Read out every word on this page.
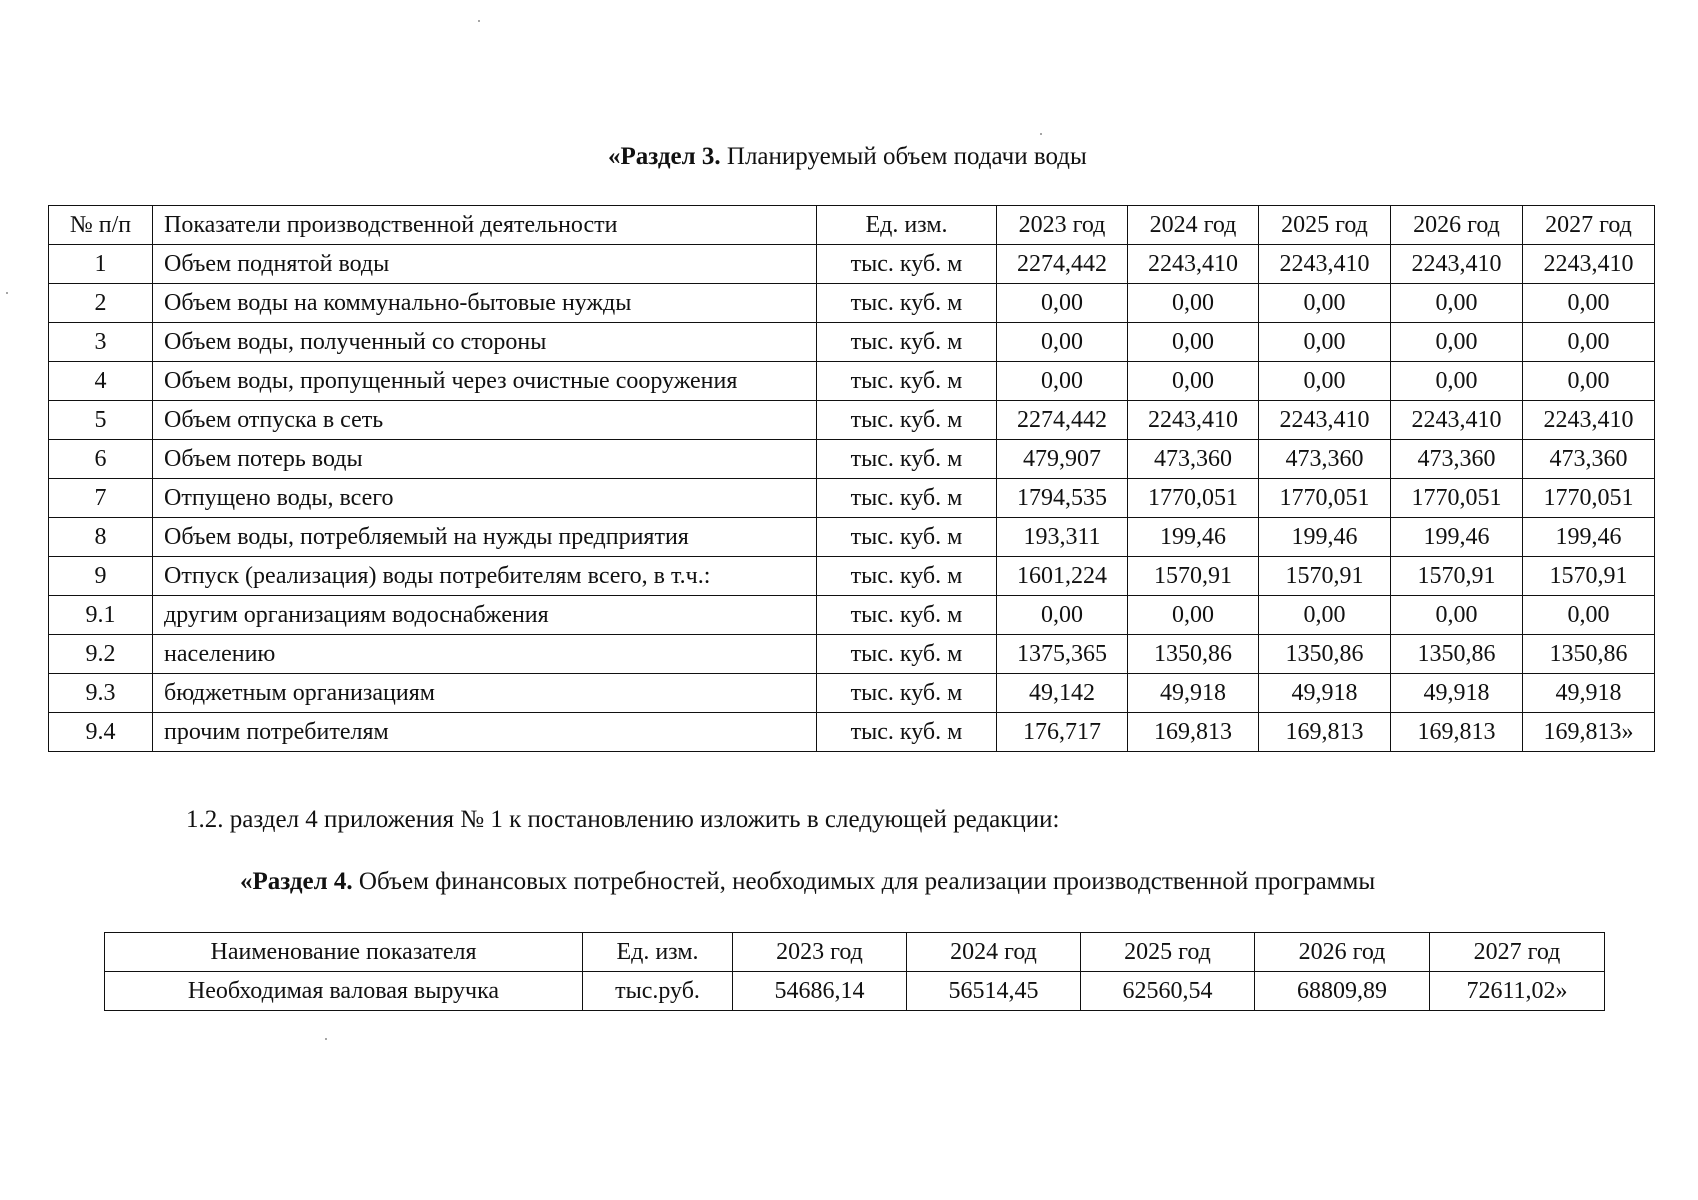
«Раздел 3. Планируемый объем подачи воды
№ п/п	Показатели производственной деятельности	Ед. изм.	2023 год	2024 год	2025 год	2026 год	2027 год
1	Объем поднятой воды	тыс. куб. м	2274,442	2243,410	2243,410	2243,410	2243,410
2	Объем воды на коммунально-бытовые нужды	тыс. куб. м	0,00	0,00	0,00	0,00	0,00
3	Объем воды, полученный со стороны	тыс. куб. м	0,00	0,00	0,00	0,00	0,00
4	Объем воды, пропущенный через очистные сооружения	тыс. куб. м	0,00	0,00	0,00	0,00	0,00
5	Объем отпуска в сеть	тыс. куб. м	2274,442	2243,410	2243,410	2243,410	2243,410
6	Объем потерь воды	тыс. куб. м	479,907	473,360	473,360	473,360	473,360
7	Отпущено воды, всего	тыс. куб. м	1794,535	1770,051	1770,051	1770,051	1770,051
8	Объем воды, потребляемый на нужды предприятия	тыс. куб. м	193,311	199,46	199,46	199,46	199,46
9	Отпуск (реализация) воды потребителям всего, в т.ч.:	тыс. куб. м	1601,224	1570,91	1570,91	1570,91	1570,91
9.1	другим организациям водоснабжения	тыс. куб. м	0,00	0,00	0,00	0,00	0,00
9.2	населению	тыс. куб. м	1375,365	1350,86	1350,86	1350,86	1350,86
9.3	бюджетным организациям	тыс. куб. м	49,142	49,918	49,918	49,918	49,918
9.4	прочим потребителям	тыс. куб. м	176,717	169,813	169,813	169,813	169,813»
1.2. раздел 4 приложения № 1 к постановлению изложить в следующей редакции:
«Раздел 4. Объем финансовых потребностей, необходимых для реализации производственной программы
Наименование показателя	Ед. изм.	2023 год	2024 год	2025 год	2026 год	2027 год
Необходимая валовая выручка	тыс.руб.	54686,14	56514,45	62560,54	68809,89	72611,02»
